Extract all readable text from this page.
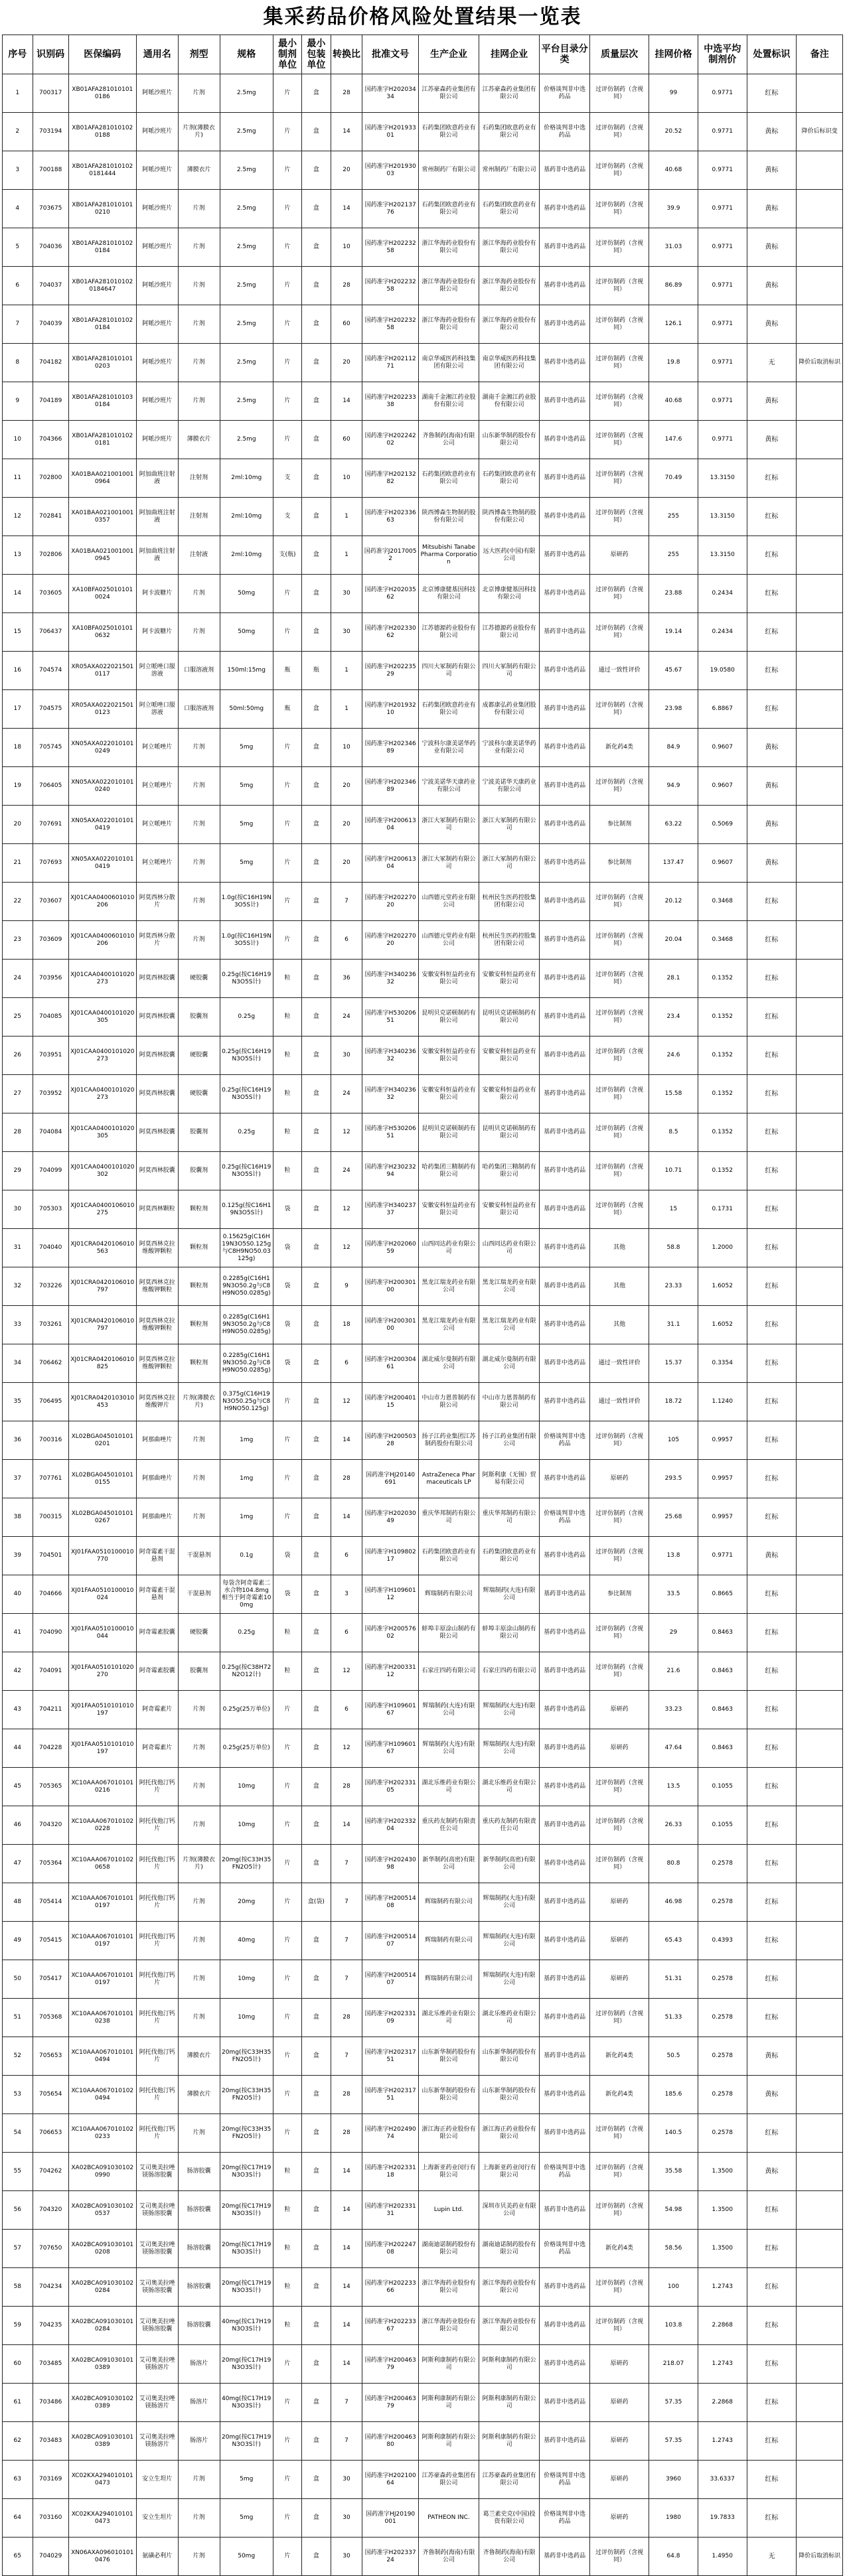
集采药品价格风险处置结果一览表
序号	识别码	医保编码	通用名	剂型	规格	最小制剂单位	最小包装单位	转换比	批准文号	生产企业	挂网企业	平台目录分类	质量层次	挂网价格	中选平均制剂价	处置标识	备注
1	700317	XB01AFA2810101010186	阿哌沙班片	片剂	2.5mg	片	盒	28	国药准字H20203434	江苏豪森药业集团有限公司	江苏豪森药业集团有限公司	价格谈判非中选药品	过评仿制药（含视同）	99	0.9771	红标	
2	703194	XB01AFA2810101020188	阿哌沙班片	片剂(薄膜衣片)	2.5mg	片	盒	14	国药准字H20193301	石药集团欧意药业有限公司	石药集团欧意药业有限公司	价格谈判非中选药品	过评仿制药（含视同）	20.52	0.9771	黄标	降价后标识变
3	700188	XB01AFA2810101020181444	阿哌沙班片	薄膜衣片	2.5mg	片	盒	20	国药准字H20193003	常州制药厂有限公司	常州制药厂有限公司	基药非中选药品	过评仿制药（含视同）	40.68	0.9771	黄标	
4	703675	XB01AFA2810101010210	阿哌沙班片	片剂	2.5mg	片	盒	14	国药准字H20213776	石药集团欧意药业有限公司	石药集团欧意药业有限公司	基药非中选药品	过评仿制药（含视同）	39.9	0.9771	黄标	
5	704036	XB01AFA2810101020184	阿哌沙班片	片剂	2.5mg	片	盒	10	国药准字H20223258	浙江华海药业股份有限公司	浙江华海药业股份有限公司	基药非中选药品	过评仿制药（含视同）	31.03	0.9771	黄标	
6	704037	XB01AFA2810101020184647	阿哌沙班片	片剂	2.5mg	片	盒	28	国药准字H20223258	浙江华海药业股份有限公司	浙江华海药业股份有限公司	基药非中选药品	过评仿制药（含视同）	86.89	0.9771	黄标	
7	704039	XB01AFA2810101020184	阿哌沙班片	片剂	2.5mg	片	盒	60	国药准字H20223258	浙江华海药业股份有限公司	浙江华海药业股份有限公司	基药非中选药品	过评仿制药（含视同）	126.1	0.9771	黄标	
8	704182	XB01AFA2810101010203	阿哌沙班片	片剂	2.5mg	片	盒	20	国药准字H20211271	南京华威医药科技集团有限公司	南京华威医药科技集团有限公司	基药非中选药品	过评仿制药（含视同）	19.8	0.9771	无	降价后取消标识
9	704189	XB01AFA2810101030184	阿哌沙班片	片剂	2.5mg	片	盒	14	国药准字H20223338	湖南千金湘江药业股份有限公司	湖南千金湘江药业股份有限公司	基药非中选药品	过评仿制药（含视同）	40.68	0.9771	黄标	
10	704366	XB01AFA2810101020181	阿哌沙班片	薄膜衣片	2.5mg	片	盒	60	国药准字H20224202	齐鲁制药(海南)有限公司	山东新华制药股份有限公司	基药非中选药品	过评仿制药（含视同）	147.6	0.9771	黄标	
11	702800	XA01BAA0210010010964	阿加曲班注射液	注射剂	2ml:10mg	支	盒	10	国药准字H20213282	石药集团欧意药业有限公司	石药集团欧意药业有限公司	基药非中选药品	过评仿制药（含视同）	70.49	13.3150	红标	
12	702841	XA01BAA0210010010357	阿加曲班注射液	注射剂	2ml:10mg	支	盒	1	国药准字H20233663	陕西博森生物制药股份有限公司	陕西博森生物制药股份有限公司	基药非中选药品	过评仿制药（含视同）	255	13.3150	红标	
13	702806	XA01BAA0210010010945	阿加曲班注射液	注射液	2ml:10mg	支(瓶)	盒	1	国药准字J20170052	Mitsubishi Tanabe Pharma Corporation	远大医药(中国)有限公司	基药非中选药品	原研药	255	13.3150	红标	
14	703605	XA10BFA0250101010024	阿卡波糖片	片剂	50mg	片	盒	30	国药准字H20203562	北京博康健基因科技有限公司	北京博康健基因科技有限公司	基药非中选药品	过评仿制药（含视同）	23.88	0.2434	红标	
15	706437	XA10BFA0250101010632	阿卡波糖片	片剂	50mg	片	盒	30	国药准字H20233062	江苏德源药业股份有限公司	江苏德源药业股份有限公司	基药非中选药品	过评仿制药（含视同）	19.14	0.2434	红标	
16	704574	XR05AXA0220215010117	阿立哌唑口服溶液	口服溶液剂	150ml:15mg	瓶	瓶	1	国药准字H20223529	四川大冢制药有限公司	四川大冢制药有限公司	基药非中选药品	通过一致性评价	45.67	19.0580	红标	
17	704575	XR05AXA0220215010123	阿立哌唑口服溶液	口服溶液剂	50ml:50mg	瓶	盒	1	国药准字H20193210	石药集团欧意药业有限公司	成都康弘药业集团股份有限公司	基药非中选药品	过评仿制药（含视同）	23.98	6.8867	红标	
18	705745	XN05AXA0220101010249	阿立哌唑片	片剂	5mg	片	盒	10	国药准字H20234689	宁波科尔康美诺华药业有限公司	宁波科尔康美诺华药业有限公司	基药非中选药品	新化药4类	84.9	0.9607	黄标	
19	706405	XN05AXA0220101010240	阿立哌唑片	片剂	5mg	片	盒	20	国药准字H20234689	宁波美诺华天康药业有限公司	宁波美诺华天康药业有限公司	基药非中选药品	过评仿制药（含视同）	94.9	0.9607	黄标	
20	707691	XN05AXA0220101010419	阿立哌唑片	片剂	5mg	片	盒	20	国药准字H20061304	浙江大冢制药有限公司	浙江大冢制药有限公司	基药非中选药品	参比制剂	63.22	0.5069	黄标	
21	707693	XN05AXA0220101010419	阿立哌唑片	片剂	5mg	片	盒	20	国药准字H20061304	浙江大冢制药有限公司	浙江大冢制药有限公司	基药非中选药品	参比制剂	137.47	0.9607	黄标	
22	703607	XJ01CAA0400601010206	阿莫西林分散片	片剂	1.0g(按C16H19N3O5S计)	片	盒	7	国药准字H20227020	山西德元堂药业有限公司	杭州民生医药控股集团有限公司	基药非中选药品	过评仿制药（含视同）	20.12	0.3468	红标	
23	703609	XJ01CAA0400601010206	阿莫西林分散片	片剂	1.0g(按C16H19N3O5S计)	片	盒	6	国药准字H20227020	山西德元堂药业有限公司	杭州民生医药控股集团有限公司	基药非中选药品	过评仿制药（含视同）	20.04	0.3468	红标	
24	703956	XJ01CAA0400101020273	阿莫西林胶囊	硬胶囊	0.25g(按C16H19N3O5S计)	粒	盒	36	国药准字H34023632	安徽安科恒益药业有限公司	安徽安科恒益药业有限公司	基药非中选药品	过评仿制药（含视同）	28.1	0.1352	红标	
25	704085	XJ01CAA0400101020305	阿莫西林胶囊	胶囊剂	0.25g	粒	盒	24	国药准字H53020651	昆明贝克诺顿制药有限公司	昆明贝克诺顿制药有限公司	基药非中选药品	过评仿制药（含视同）	23.4	0.1352	红标	
26	703951	XJ01CAA0400101020273	阿莫西林胶囊	硬胶囊	0.25g(按C16H19N3O5S计)	粒	盒	30	国药准字H34023632	安徽安科恒益药业有限公司	安徽安科恒益药业有限公司	基药非中选药品	过评仿制药（含视同）	24.6	0.1352	红标	
27	703952	XJ01CAA0400101020273	阿莫西林胶囊	硬胶囊	0.25g(按C16H19N3O5S计)	粒	盒	24	国药准字H34023632	安徽安科恒益药业有限公司	安徽安科恒益药业有限公司	基药非中选药品	过评仿制药（含视同）	15.58	0.1352	红标	
28	704084	XJ01CAA0400101020305	阿莫西林胶囊	胶囊剂	0.25g	粒	盒	12	国药准字H53020651	昆明贝克诺顿制药有限公司	昆明贝克诺顿制药有限公司	基药非中选药品	过评仿制药（含视同）	8.5	0.1352	红标	
29	704099	XJ01CAA0400101020302	阿莫西林胶囊	胶囊剂	0.25g(按C16H19N3O5S计)	粒	盒	24	国药准字H23023294	哈药集团三精制药有限公司	哈药集团三精制药有限公司	基药非中选药品	过评仿制药（含视同）	10.71	0.1352	红标	
30	705303	XJ01CAA0400106010275	阿莫西林颗粒	颗粒剂	0.125g(按C16H19N3O5S计)	袋	盒	12	国药准字H34023737	安徽安科恒益药业有限公司	安徽安科恒益药业有限公司	基药非中选药品	过评仿制药（含视同）	15	0.1731	红标	
31	704040	XJ01CRA0420106010563	阿莫西林克拉维酸钾颗粒	颗粒剂	0.15625g(C16H19N3O5S0.125g与C8H9NO50.03125g)	袋	盒	12	国药准字H20206059	山西同达药业有限公司	山西同达药业有限公司	基药非中选药品	其他	58.8	1.2000	红标	
32	703226	XJ01CRA0420106010797	阿莫西林克拉维酸钾颗粒	颗粒剂	0.2285g(C16H19N3O50.2g与C8H9NO50.0285g)	袋	盒	9	国药准字H20030100	黑龙江瑞龙药业有限公司	黑龙江瑞龙药业有限公司	基药非中选药品	其他	23.33	1.6052	红标	
33	703261	XJ01CRA0420106010797	阿莫西林克拉维酸钾颗粒	颗粒剂	0.2285g(C16H19N3O50.2g与C8H9NO50.0285g)	袋	盒	18	国药准字H20030100	黑龙江瑞龙药业有限公司	黑龙江瑞龙药业有限公司	基药非中选药品	其他	31.1	1.6052	红标	
34	706462	XJ01CRA0420106010825	阿莫西林克拉维酸钾颗粒	颗粒剂	0.2285g(C16H19N3O50.2g与C8H9NO50.0285g)	袋	盒	6	国药准字H20030461	湖北威尔曼制药有限公司	湖北威尔曼制药有限公司	基药非中选药品	通过一致性评价	15.37	0.3354	红标	
35	706495	XJ01CRA0420103010453	阿莫西林克拉维酸钾片	片剂(薄膜衣片)	0.375g(C16H19N3O50.25g与C8H9NO50.125g)	片	盒	12	国药准字H20040115	中山市力恩普制药有限公司	中山市力恩普制药有限公司	基药非中选药品	通过一致性评价	18.72	1.1240	红标	
36	700316	XL02BGA0450101010201	阿那曲唑片	片剂	1mg	片	盒	14	国药准字H20050328	扬子江药业集团江苏制药股份有限公司	扬子江药业集团有限公司	价格谈判非中选药品	过评仿制药（含视同）	105	0.9957	红标	
37	707761	XL02BGA0450101010155	阿那曲唑片	片剂	1mg	片	盒	28	国药准字HJ20140691	AstraZeneca Pharmaceuticals LP	阿斯利康（无锡）贸易有限公司	基药非中选药品	原研药	293.5	0.9957	红标	
38	700315	XL02BGA0450101010267	阿那曲唑片	片剂	1mg	片	盒	14	国药准字H20203049	重庆华邦制药有限公司	重庆华邦制药有限公司	价格谈判非中选药品	过评仿制药（含视同）	25.68	0.9957	红标	
39	704501	XJ01FAA0510100010770	阿奇霉素干混悬剂	干混悬剂	0.1g	袋	盒	6	国药准字H10980217	石药集团欧意药业有限公司	石药集团欧意药业有限公司	基药非中选药品	过评仿制药（含视同）	13.8	0.9771	黄标	
40	704666	XJ01FAA0510100010024	阿奇霉素干混悬剂	干混悬剂	每袋含阿奇霉素二水合物104.8mg相当于阿奇霉素100mg	袋	盒	3	国药准字H10960112	辉瑞制药有限公司	辉瑞制药(大连)有限公司	基药非中选药品	参比制剂	33.5	0.8665	红标	
41	704090	XJ01FAA0510100010044	阿奇霉素胶囊	硬胶囊	0.25g	粒	盒	6	国药准字H20057602	蚌埠丰原涂山制药有限公司	蚌埠丰原涂山制药有限公司	基药非中选药品	过评仿制药（含视同）	29	0.8463	红标	
42	704091	XJ01FAA0510101020270	阿奇霉素胶囊	胶囊剂	0.25g(按C38H72N2O12计)	粒	盒	12	国药准字H20033112	石家庄四药有限公司	石家庄四药有限公司	基药非中选药品	过评仿制药（含视同）	21.6	0.8463	红标	
43	704211	XJ01FAA0510101010197	阿奇霉素片	片剂	0.25g(25万单位)	片	盒	6	国药准字H10960167	辉瑞制药(大连)有限公司	辉瑞制药(大连)有限公司	基药非中选药品	原研药	33.23	0.8463	红标	
44	704228	XJ01FAA0510101010197	阿奇霉素片	片剂	0.25g(25万单位)	片	盒	12	国药准字H10960167	辉瑞制药(大连)有限公司	辉瑞制药(大连)有限公司	基药非中选药品	原研药	47.64	0.8463	红标	
45	705365	XC10AAA0670101010216	阿托伐他汀钙片	片剂	10mg	片	盒	28	国药准字H20233105	湖北乐维药业有限公司	湖北乐维药业有限公司	基药非中选药品	过评仿制药（含视同）	13.5	0.1055	红标	
46	704320	XC10AAA0670101020228	阿托伐他汀钙片	片剂	10mg	片	盒	14	国药准字H20233204	重庆药友制药有限责任公司	重庆药友制药有限责任公司	基药非中选药品	过评仿制药（含视同）	26.33	0.1055	红标	
47	705364	XC10AAA0670101020658	阿托伐他汀钙片	片剂(薄膜衣片)	20mg(按C33H35FN2O5计)	片	盒	7	国药准字H20243098	新华制药(高密)有限公司	新华制药(高密)有限公司	基药非中选药品	过评仿制药（含视同）	80.8	0.2578	红标	
48	705414	XC10AAA0670101010197	阿托伐他汀钙片	片剂	20mg	片	盒(袋)	7	国药准字H20051408	辉瑞制药有限公司	辉瑞制药(大连)有限公司	基药非中选药品	原研药	46.98	0.2578	红标	
49	705415	XC10AAA0670101010197	阿托伐他汀钙片	片剂	40mg	片	盒	7	国药准字H20051407	辉瑞制药有限公司	辉瑞制药(大连)有限公司	基药非中选药品	原研药	65.43	0.4393	红标	
50	705417	XC10AAA0670101010197	阿托伐他汀钙片	片剂	10mg	片	盒	7	国药准字H20051407	辉瑞制药有限公司	辉瑞制药(大连)有限公司	基药非中选药品	原研药	51.31	0.2578	红标	
51	705368	XC10AAA0670101010238	阿托伐他汀钙片	片剂	10mg	片	盒	28	国药准字H20233109	湖北乐维药业有限公司	湖北乐维药业有限公司	基药非中选药品	过评仿制药（含视同）	51.33	0.2578	红标	
52	705653	XC10AAA0670101010494	阿托伐他汀钙片	薄膜衣片	20mg(按C33H35FN2O5计)	片	盒	7	国药准字H20231751	山东新华制药股份有限公司	山东新华制药股份有限公司	基药非中选药品	新化药4类	50.5	0.2578	黄标	
53	705654	XC10AAA0670101020494	阿托伐他汀钙片	薄膜衣片	20mg(按C33H35FN2O5计)	片	盒	28	国药准字H20231751	山东新华制药股份有限公司	山东新华制药股份有限公司	基药非中选药品	新化药4类	185.6	0.2578	黄标	
54	706653	XC10AAA0670101020233	阿托伐他汀钙片	片剂	20mg(按C33H35FN2O5计)	片	盒	28	国药准字H20249074	浙江海正药业股份有限公司	浙江海正药业股份有限公司	基药非中选药品	过评仿制药（含视同）	140.5	0.2578	红标	
55	704262	XA02BCA0910301020990	艾司奥美拉唑镁肠溶胶囊	肠溶胶囊	20mg(按C17H19N3O3S计)	粒	盒	14	国药准字H20233118	上海新亚药业闵行有限公司	上海新亚药业闵行有限公司	价格谈判非中选药品	过评仿制药（含视同）	35.58	1.3500	黄标	
56	704320	XA02BCA0910301020537	艾司奥美拉唑镁肠溶胶囊	肠溶胶囊	20mg(按C17H19N3O3S计)	粒	盒	14	国药准字H20233131	Lupin Ltd.	深圳市贝美药业有限公司	基药非中选药品	过评仿制药（含视同）	54.98	1.3500	红标	
57	707650	XA02BCA0910301010208	艾司奥美拉唑镁肠溶胶囊	肠溶胶囊	20mg(按C17H19N3O3S计)	粒	盒	14	国药准字H20224708	湖南迪诺制药股份有限公司	湖南迪诺制药股份有限公司	价格谈判非中选药品	新化药4类	58.56	1.3500	红标	
58	704234	XA02BCA0910301020284	艾司奥美拉唑镁肠溶胶囊	肠溶胶囊	20mg(按C17H19N3O3S计)	粒	盒	14	国药准字H20223366	浙江华海药业股份有限公司	浙江华海药业股份有限公司	基药非中选药品	过评仿制药（含视同）	100	1.2743	红标	
59	704235	XA02BCA0910301010284	艾司奥美拉唑镁肠溶胶囊	肠溶胶囊	40mg(按C17H19N3O3S计)	粒	盒	14	国药准字H20223367	浙江华海药业股份有限公司	浙江华海药业股份有限公司	基药非中选药品	过评仿制药（含视同）	103.8	2.2868	红标	
60	703485	XA02BCA0910301010389	艾司奥美拉唑镁肠溶片	肠溶片	20mg(按C17H19N3O3S计)	片	盒	14	国药准字H20046379	阿斯利康制药有限公司	阿斯利康制药有限公司	基药非中选药品	原研药	218.07	1.2743	红标	
61	703486	XA02BCA0910301020389	艾司奥美拉唑镁肠溶片	肠溶片	40mg(按C17H19N3O3S计)	片	盒	7	国药准字H20046379	阿斯利康制药有限公司	阿斯利康制药有限公司	基药非中选药品	原研药	57.35	2.2868	红标	
62	703483	XA02BCA0910301010389	艾司奥美拉唑镁肠溶片	肠溶片	20mg(按C17H19N3O3S计)	片	盒	7	国药准字H20046380	阿斯利康制药有限公司	阿斯利康制药有限公司	基药非中选药品	原研药	57.35	1.2743	红标	
63	703169	XC02KXA2940101010473	安立生坦片	片剂	5mg	片	盒	30	国药准字H20210064	江苏豪森药业集团有限公司	江苏豪森药业集团有限公司	价格谈判非中选药品	原研药	3960	33.6337	红标	
64	703160	XC02KXA2940101010473	安立生坦片	片剂	5mg	片	盒	30	国药准字HJ20190001	PATHEON INC.	葛兰素史克(中国)投资有限公司	价格谈判非中选药品	原研药	1980	19.7833	红标	
65	704029	XN06AXA0960101010476	氨磺必利片	片剂	50mg	片	盒	30	国药准字H20233724	齐鲁制药(海南)有限公司	齐鲁制药(海南)有限公司	基药非中选药品	过评仿制药（含视同）	64.8	1.4950	无	降价后取消标识
